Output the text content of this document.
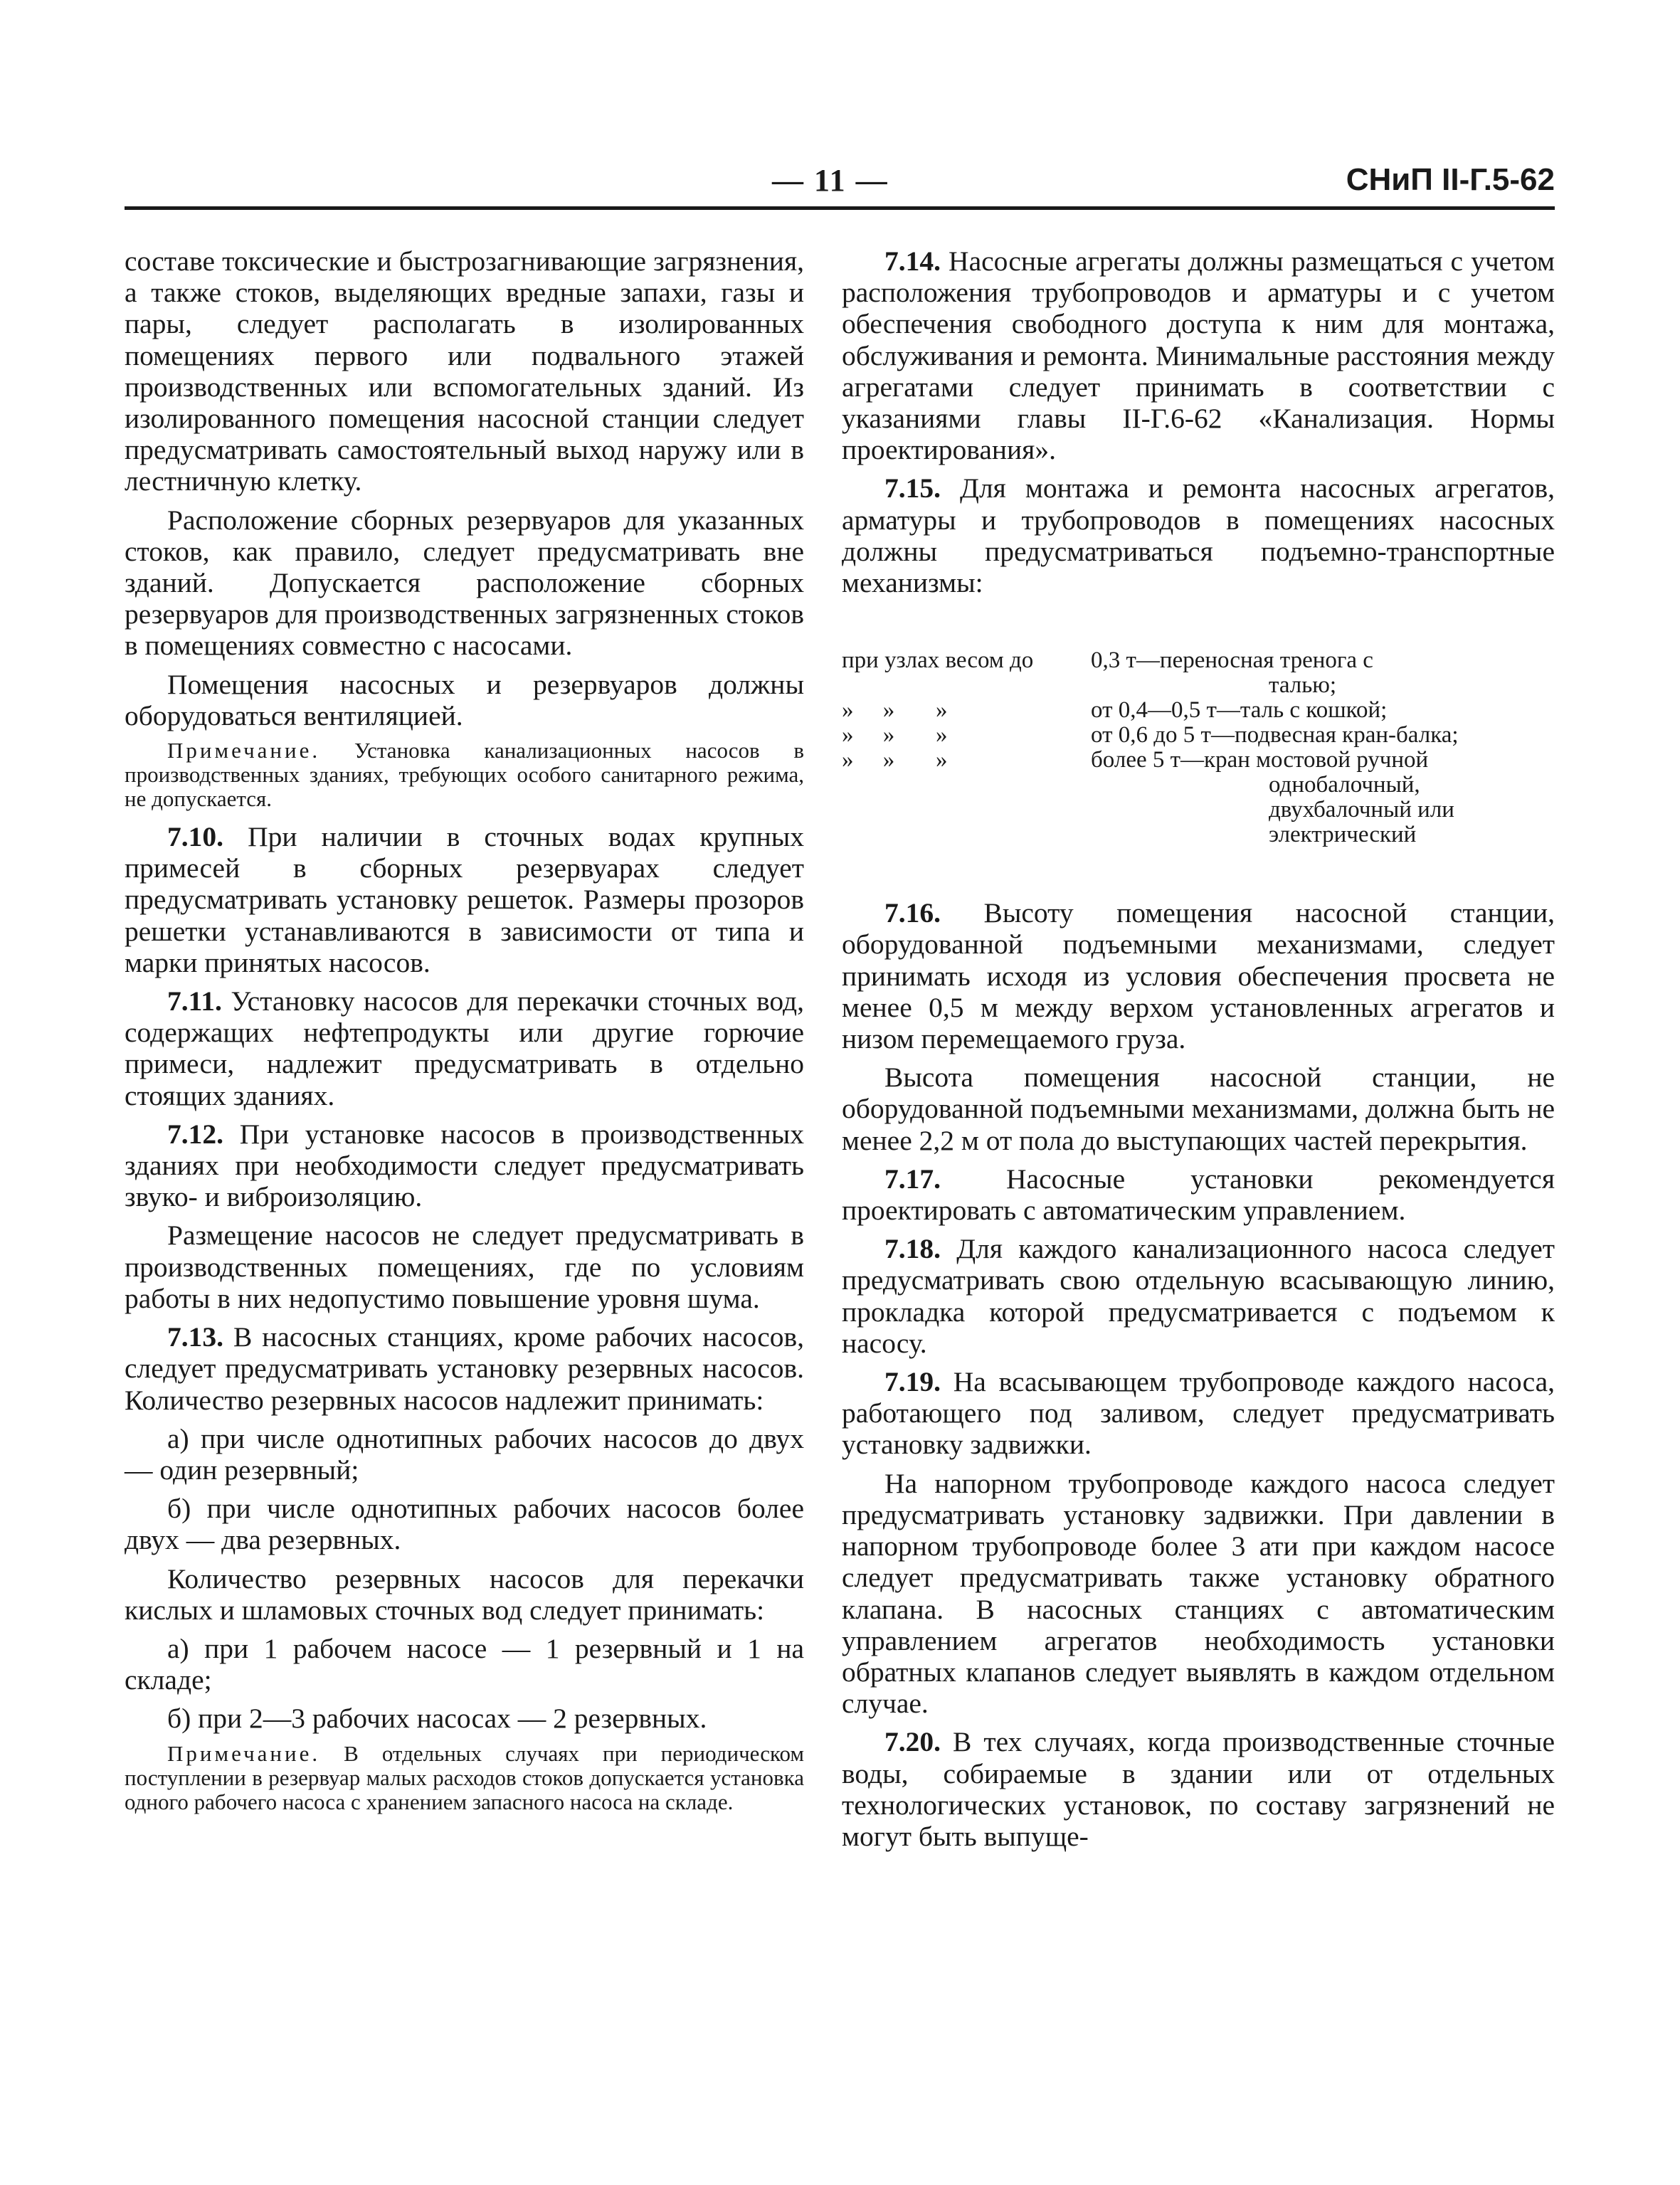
— 11 —	СНиП II-Г.5-62

составе токсические и быстрозагнивающие загрязнения, а также стоков, выделяющих вредные запахи, газы и пары, следует располагать в изолированных помещениях первого или подвального этажей производственных или вспомогательных зданий. Из изолированного помещения насосной станции следует предусматривать самостоятельный выход наружу или в лестничную клетку.

Расположение сборных резервуаров для указанных стоков, как правило, следует предусматривать вне зданий. Допускается расположение сборных резервуаров для производственных загрязненных стоков в помещениях совместно с насосами.

Помещения насосных и резервуаров должны оборудоваться вентиляцией.

Примечание. Установка канализационных насосов в производственных зданиях, требующих особого санитарного режима, не допускается.

7.10. При наличии в сточных водах крупных примесей в сборных резервуарах следует предусматривать установку решеток. Размеры прозоров решетки устанавливаются в зависимости от типа и марки принятых насосов.

7.11. Установку насосов для перекачки сточных вод, содержащих нефтепродукты или другие горючие примеси, надлежит предусматривать в отдельно стоящих зданиях.

7.12. При установке насосов в производственных зданиях при необходимости следует предусматривать звуко- и виброизоляцию.

Размещение насосов не следует предусматривать в производственных помещениях, где по условиям работы в них недопустимо повышение уровня шума.

7.13. В насосных станциях, кроме рабочих насосов, следует предусматривать установку резервных насосов. Количество резервных насосов надлежит принимать:

а) при числе однотипных рабочих насосов до двух — один резервный;

б) при числе однотипных рабочих насосов более двух — два резервных.

Количество резервных насосов для перекачки кислых и шламовых сточных вод следует принимать:

а) при 1 рабочем насосе — 1 резервный и 1 на складе;

б) при 2—3 рабочих насосах — 2 резервных.

Примечание. В отдельных случаях при периодическом поступлении в резервуар малых расходов стоков допускается установка одного рабочего насоса с хранением запасного насоса на складе.

7.14. Насосные агрегаты должны размещаться с учетом расположения трубопроводов и арматуры и с учетом обеспечения свободного доступа к ним для монтажа, обслуживания и ремонта. Минимальные расстояния между агрегатами следует принимать в соответствии с указаниями главы II-Г.6-62 «Канализация. Нормы проектирования».

7.15. Для монтажа и ремонта насосных агрегатов, арматуры и трубопроводов в помещениях насосных должны предусматриваться подъемно-транспортные механизмы:

при узлах весом до	0,3 т—переносная тренога с
талью;
»     »       »	от 0,4—0,5 т—таль с кошкой;
»     »       »	от 0,6 до 5 т—подвесная кран-балка;
»     »       »	более 5 т—кран мостовой ручной
однобалочный, двухбалочный или электрический

7.16. Высоту помещения насосной станции, оборудованной подъемными механизмами, следует принимать исходя из условия обеспечения просвета не менее 0,5 м между верхом установленных агрегатов и низом перемещаемого груза.

Высота помещения насосной станции, не оборудованной подъемными механизмами, должна быть не менее 2,2 м от пола до выступающих частей перекрытия.

7.17. Насосные установки рекомендуется проектировать с автоматическим управлением.

7.18. Для каждого канализационного насоса следует предусматривать свою отдельную всасывающую линию, прокладка которой предусматривается с подъемом к насосу.

7.19. На всасывающем трубопроводе каждого насоса, работающего под заливом, следует предусматривать установку задвижки.

На напорном трубопроводе каждого насоса следует предусматривать установку задвижки. При давлении в напорном трубопроводе более 3 ати при каждом насосе следует предусматривать также установку обратного клапана. В насосных станциях с автоматическим управлением агрегатов необходимость установки обратных клапанов следует выявлять в каждом отдельном случае.

7.20. В тех случаях, когда производственные сточные воды, собираемые в здании или от отдельных технологических установок, по составу загрязнений не могут быть выпуще-
